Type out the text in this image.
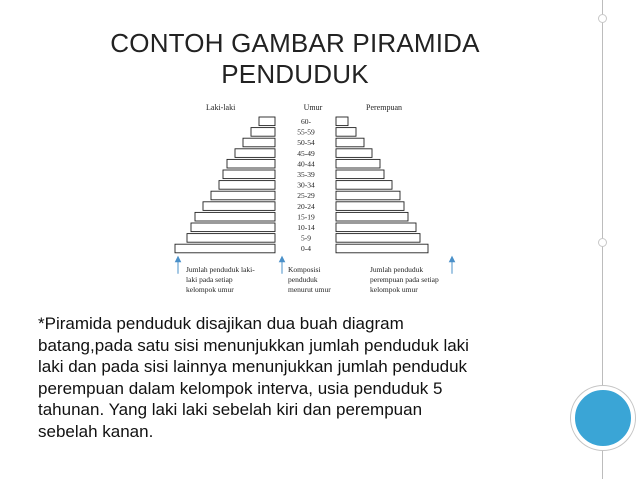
CONTOH GAMBAR PIRAMIDA
PENDUDUK
Laki-laki	Umur	Perempuan
60-
55-59
50-54
45-49
40-44
35-39
30-34
25-29
20-24
15-19
10-14
5-9
0-4
Jumlah penduduk laki-
laki pada setiap
kelompok umur
Komposisi
penduduk
menurut umur
Jumlah penduduk
perempuan pada setiap
kelompok umur
*Piramida penduduk disajikan dua buah diagram
batang,pada satu sisi menunjukkan jumlah penduduk laki
laki dan pada sisi lainnya menunjukkan jumlah penduduk
perempuan dalam kelompok interva, usia penduduk 5
tahunan. Yang laki laki sebelah kiri dan perempuan
sebelah kanan.
